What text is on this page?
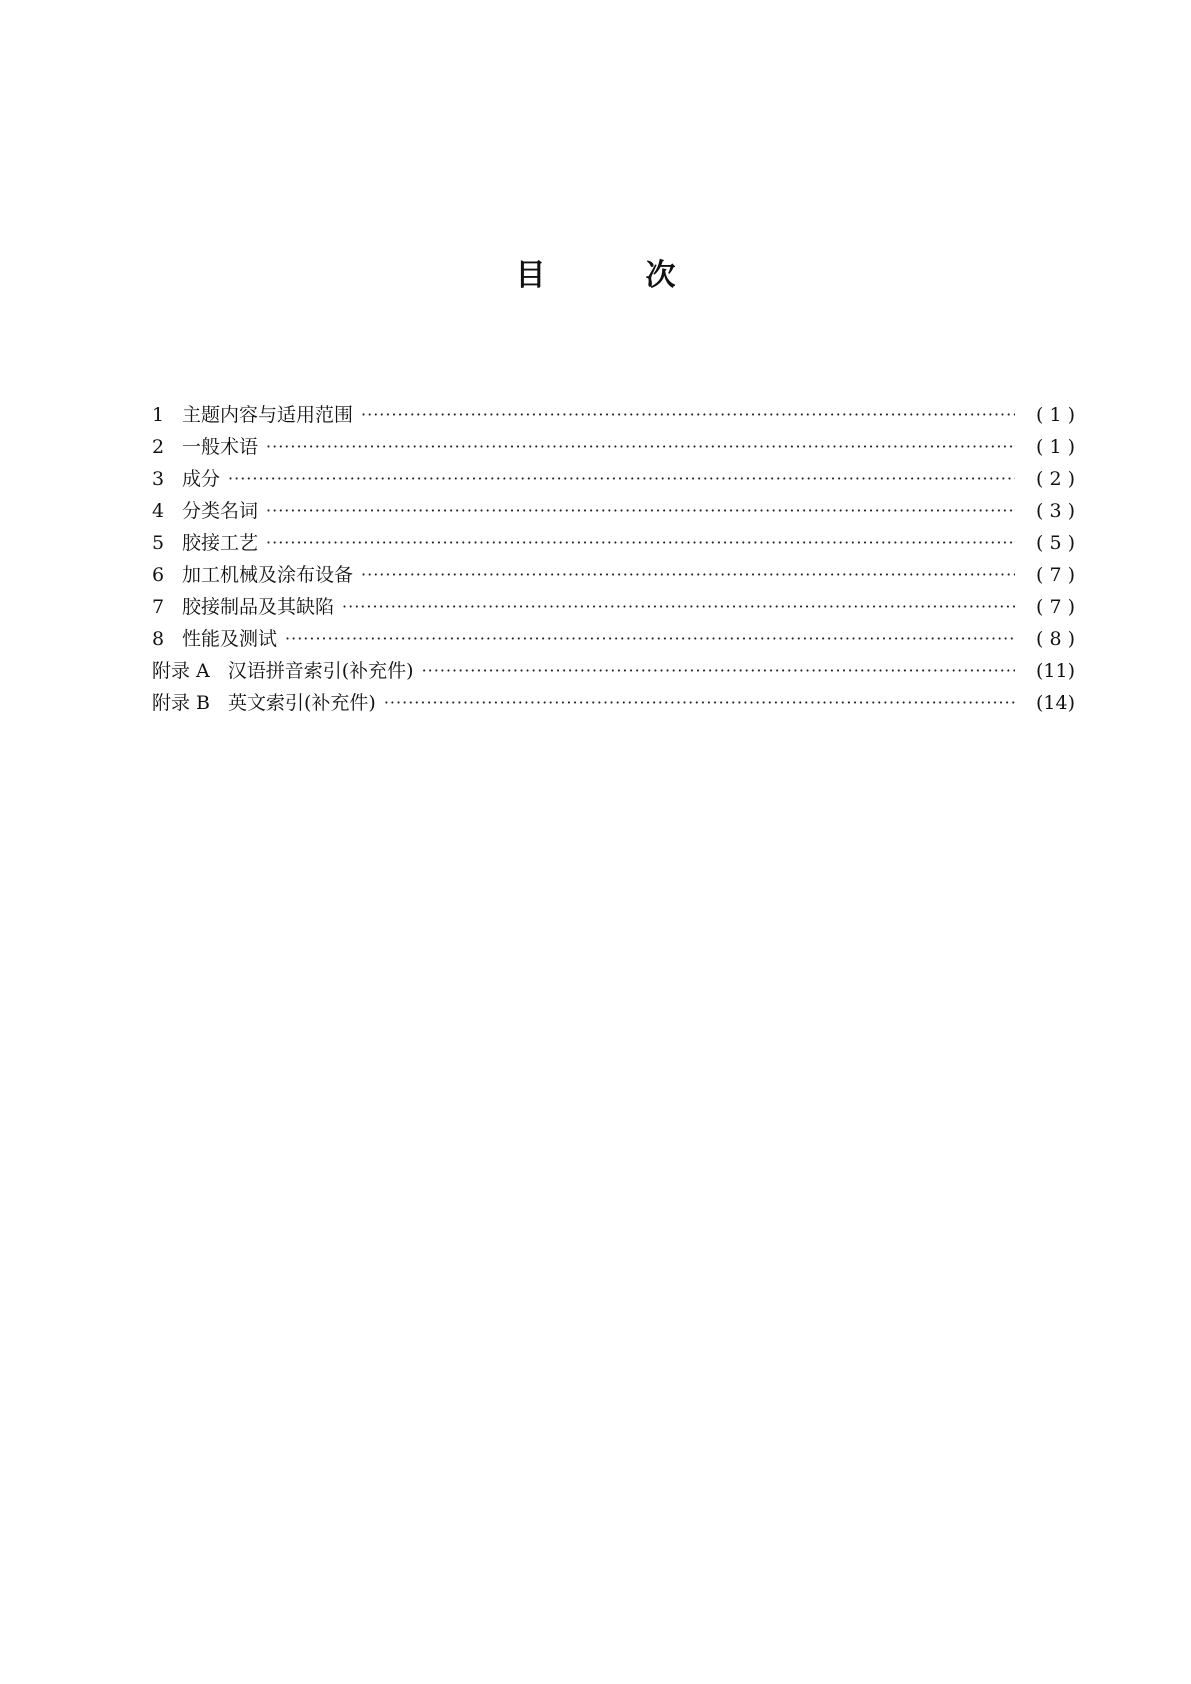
目	次
1 主题内容与适用范围 ·····	( 1 )
2 一般术语 ·····	( 1 )
3 成分 ·····	( 2 )
4 分类名词 ·····	( 3 )
5 胶接工艺 ·····	( 5 )
6 加工机械及涂布设备 ·····	( 7 )
7 胶接制品及其缺陷 ·····	( 7 )
8 性能及测试 ·····	( 8 )
附录 A 汉语拼音索引(补充件) ·····	(11)
附录 B 英文索引(补充件) ·····	(14)
